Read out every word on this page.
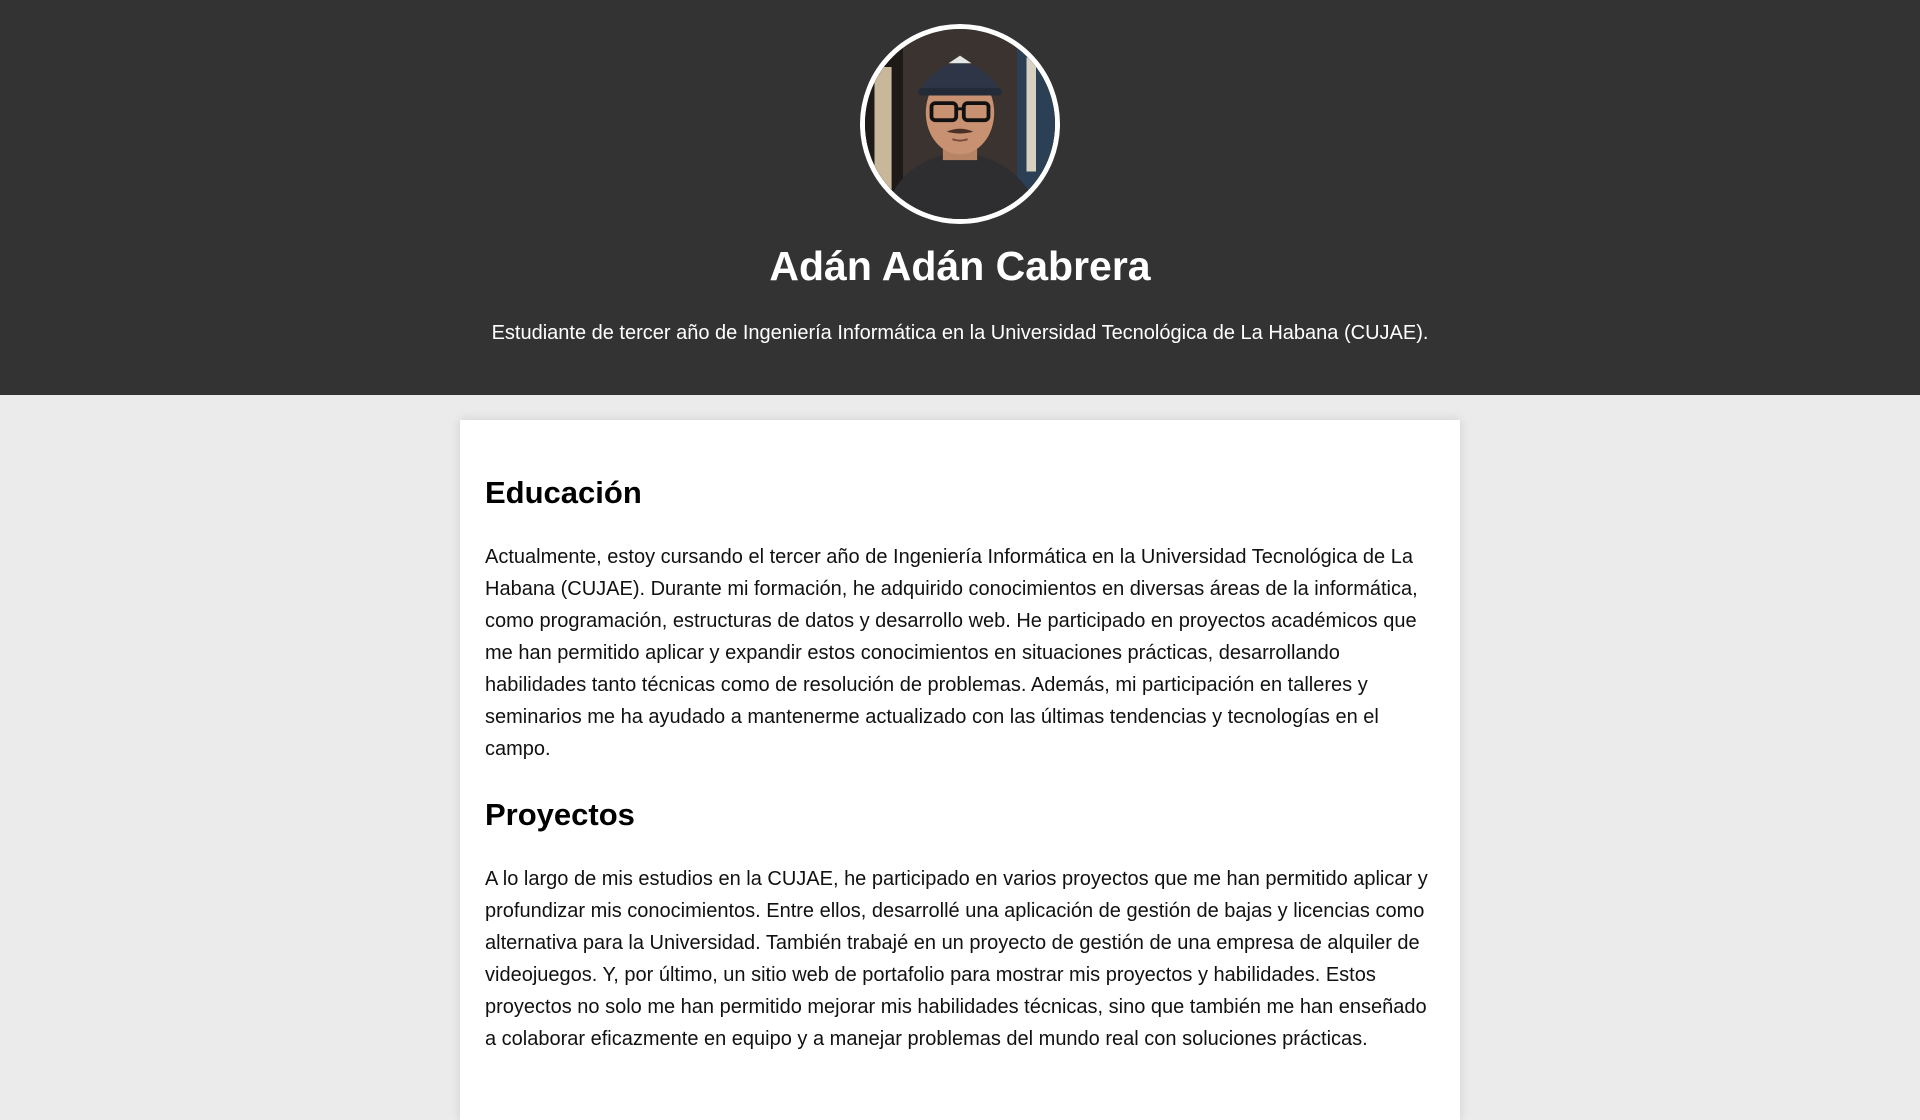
Adán Adán Cabrera

Estudiante de tercer año de Ingeniería Informática en la Universidad Tecnológica de La Habana (CUJAE).

Educación

Actualmente, estoy cursando el tercer año de Ingeniería Informática en la Universidad Tecnológica de La Habana (CUJAE). Durante mi formación, he adquirido conocimientos en diversas áreas de la informática, como programación, estructuras de datos y desarrollo web. He participado en proyectos académicos que me han permitido aplicar y expandir estos conocimientos en situaciones prácticas, desarrollando habilidades tanto técnicas como de resolución de problemas. Además, mi participación en talleres y seminarios me ha ayudado a mantenerme actualizado con las últimas tendencias y tecnologías en el campo.

Proyectos

A lo largo de mis estudios en la CUJAE, he participado en varios proyectos que me han permitido aplicar y profundizar mis conocimientos. Entre ellos, desarrollé una aplicación de gestión de bajas y licencias como alternativa para la Universidad. También trabajé en un proyecto de gestión de una empresa de alquiler de videojuegos. Y, por último, un sitio web de portafolio para mostrar mis proyectos y habilidades. Estos proyectos no solo me han permitido mejorar mis habilidades técnicas, sino que también me han enseñado a colaborar eficazmente en equipo y a manejar problemas del mundo real con soluciones prácticas.
